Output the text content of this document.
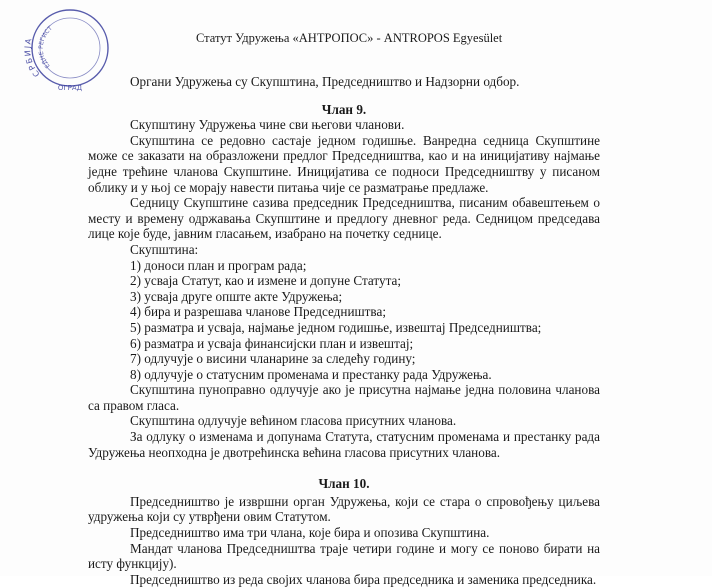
СРБИЈА
ЕДНЕ РЕГИСТ
ОГРАД
Статут Удружења «АНТРОПОС» - ANTROPOS Egyesület

Органи Удружења су Скупштина, Председништво и Надзорни одбор.

Члан 9.

Скупштину Удружења чине сви његови чланови.

Скупштина се редовно састаје једном годишње. Ванредна седница Скупштине може се заказати на образложени предлог Председништва, као и на иницијативу најмање једне трећине чланова Скупштине. Иницијатива се подноси Председништву у писаном облику и у њој се морају навести питања чије се разматрање предлаже.

Седницу Скупштине сазива председник Председништва, писаним обавештењем о месту и времену одржавања Скупштине и предлогу дневног реда. Седницом председава лице које буде, јавним гласањем, изабрано на почетку седнице.

Скупштина:

1) доноси план и програм рада;
2) усваја Статут, као и измене и допуне Статута;
3) усваја друге опште акте Удружења;
4) бира и разрешава чланове Председништва;
5) разматра и усваја, најмање једном годишње, извештај Председништва;
6) разматра и усваја финансијски план и извештај;
7) одлучује о висини чланарине за следећу годину;
8) одлучује о статусним променама и престанку рада Удружења.

Скупштина пуноправно одлучује ако је присутна најмање једна половина чланова са правом гласа.

Скупштина одлучује већином гласова присутних чланова.

За одлуку о изменама и допунама Статута, статусним променама и престанку рада Удружења неопходна је двотрећинска већина гласова присутних чланова.

Члан 10.

Председништво је извршни орган Удружења, који се стара о спровођењу циљева удружења који су утврђени овим Статутом.

Председништво има три члана, које бира и опозива Скупштина.

Мандат чланова Председништва траје четири године и могу се поново бирати на исту функцију).

Председништво из реда својих чланова бира председника и заменика председника.
